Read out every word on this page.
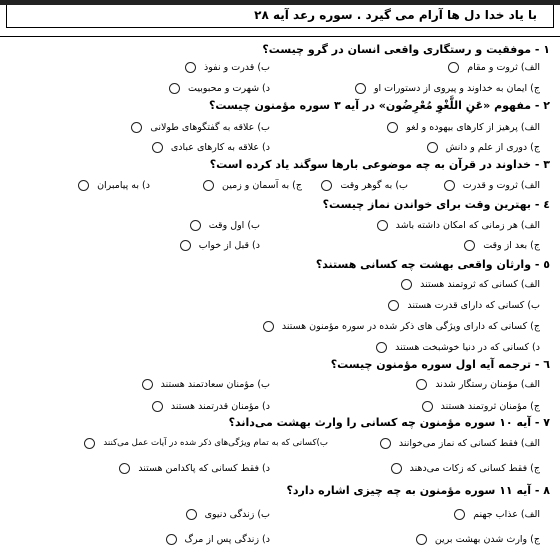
با یاد خدا دل ها آرام می گیرد . سوره رعد آیه ۲۸
١ - موفقیت و رستگاری واقعی انسان در گرو چیست؟
الف) ثروت و مقام
ب) قدرت و نفوذ
ج) ایمان به خداوند و پیروی از دستورات او
د) شهرت و محبوبیت
٢ - مفهوم «عَنِ اللَّغْوِ مُعْرِضُون» در آیه ٣ سوره مؤمنون چیست؟
الف) پرهیز از کارهای بیهوده و لغو
ب) علاقه به گفتگوهای طولانی
ج) دوری از علم و دانش
د) علاقه به کارهای عبادی
٣ - خداوند در قرآن به چه موضوعی بارها سوگند یاد کرده است؟
الف) ثروت و قدرت
ب) به گوهر وقت
ج) به آسمان و زمین
د) به پیامبران
٤ - بهترین وقت برای خواندن نماز چیست؟
الف) هر زمانی که امکان داشته باشد
ب) اول وقت
ج) بعد از وقت
د) قبل از خواب
٥ - وارثان واقعی بهشت چه کسانی هستند؟
الف) کسانی که ثروتمند هستند
ب) کسانی که دارای قدرت هستند
ج) کسانی که دارای ویژگی های ذکر شده در سوره مؤمنون هستند
د) کسانی که در دنیا خوشبخت هستند
٦ - ترجمه آیه اول سوره مؤمنون چیست؟
الف) مؤمنان رستگار شدند
ب) مؤمنان سعادتمند هستند
ج) مؤمنان ثروتمند هستند
د) مؤمنان قدرتمند هستند
٧ - آیه ١٠ سوره مؤمنون چه کسانی را وارث بهشت می‌داند؟
الف) فقط کسانی که نماز می‌خوانند
ب)کسانی که به تمام ویژگی‌های ذکر شده در آیات عمل می‌کنند
ج) فقط کسانی که زکات می‌دهند
د) فقط کسانی که پاکدامن هستند
٨ - آیه ١١ سوره مؤمنون به چه چیزی اشاره دارد؟
الف) عذاب جهنم
ب) زندگی دنیوی
ج) وارث شدن بهشت برین
د) زندگی پس از مرگ
